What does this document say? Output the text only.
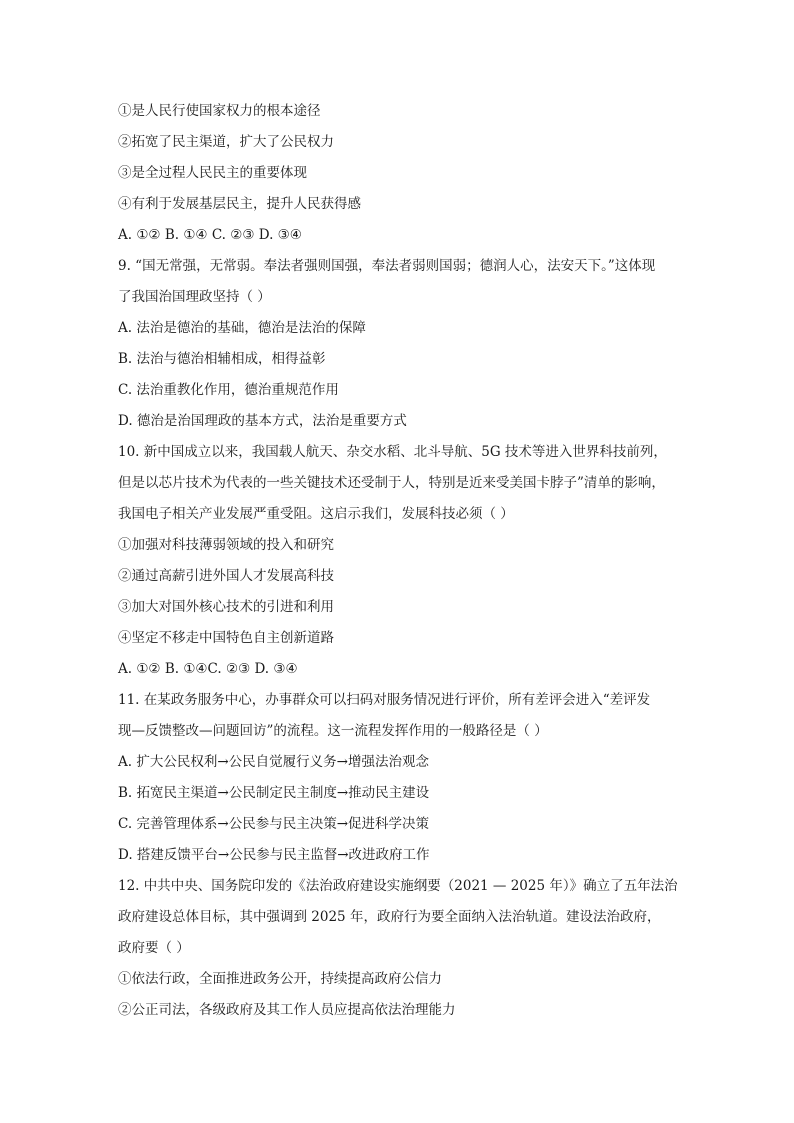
①是人民行使国家权力的根本途径
②拓宽了民主渠道，扩大了公民权力
③是全过程人民民主的重要体现
④有利于发展基层民主，提升人民获得感
A. ①② B. ①④ C. ②③ D. ③④
9. “国无常强，无常弱。奉法者强则国强，奉法者弱则国弱；德润人心，法安天下。”这体现
了我国治国理政坚持（ ）
A. 法治是德治的基础，德治是法治的保障
B. 法治与德治相辅相成，相得益彰
C. 法治重教化作用，德治重规范作用
D. 德治是治国理政的基本方式，法治是重要方式
10. 新中国成立以来，我国载人航天、杂交水稻、北斗导航、5G 技术等进入世界科技前列，
但是以芯片技术为代表的一些关键技术还受制于人，特别是近来受美国卡脖子”清单的影响，
我国电子相关产业发展严重受阻。这启示我们，发展科技必须（ ）
①加强对科技薄弱领域的投入和研究
②通过高薪引进外国人才发展高科技
③加大对国外核心技术的引进和利用
④坚定不移走中国特色自主创新道路
A. ①② B. ①④C. ②③ D. ③④
11. 在某政务服务中心，办事群众可以扫码对服务情况进行评价，所有差评会进入“差评发
现—反馈整改—问题回访”的流程。这一流程发挥作用的一般路径是（ ）
A. 扩大公民权利→公民自觉履行义务→增强法治观念
B. 拓宽民主渠道→公民制定民主制度→推动民主建设
C. 完善管理体系→公民参与民主决策→促进科学决策
D. 搭建反馈平台→公民参与民主监督→改进政府工作
12. 中共中央、国务院印发的《法治政府建设实施纲要（2021 — 2025 年）》确立了五年法治
政府建设总体目标，其中强调到 2025 年，政府行为要全面纳入法治轨道。建设法治政府，
政府要（ ）
①依法行政，全面推进政务公开，持续提高政府公信力
②公正司法，各级政府及其工作人员应提高依法治理能力
